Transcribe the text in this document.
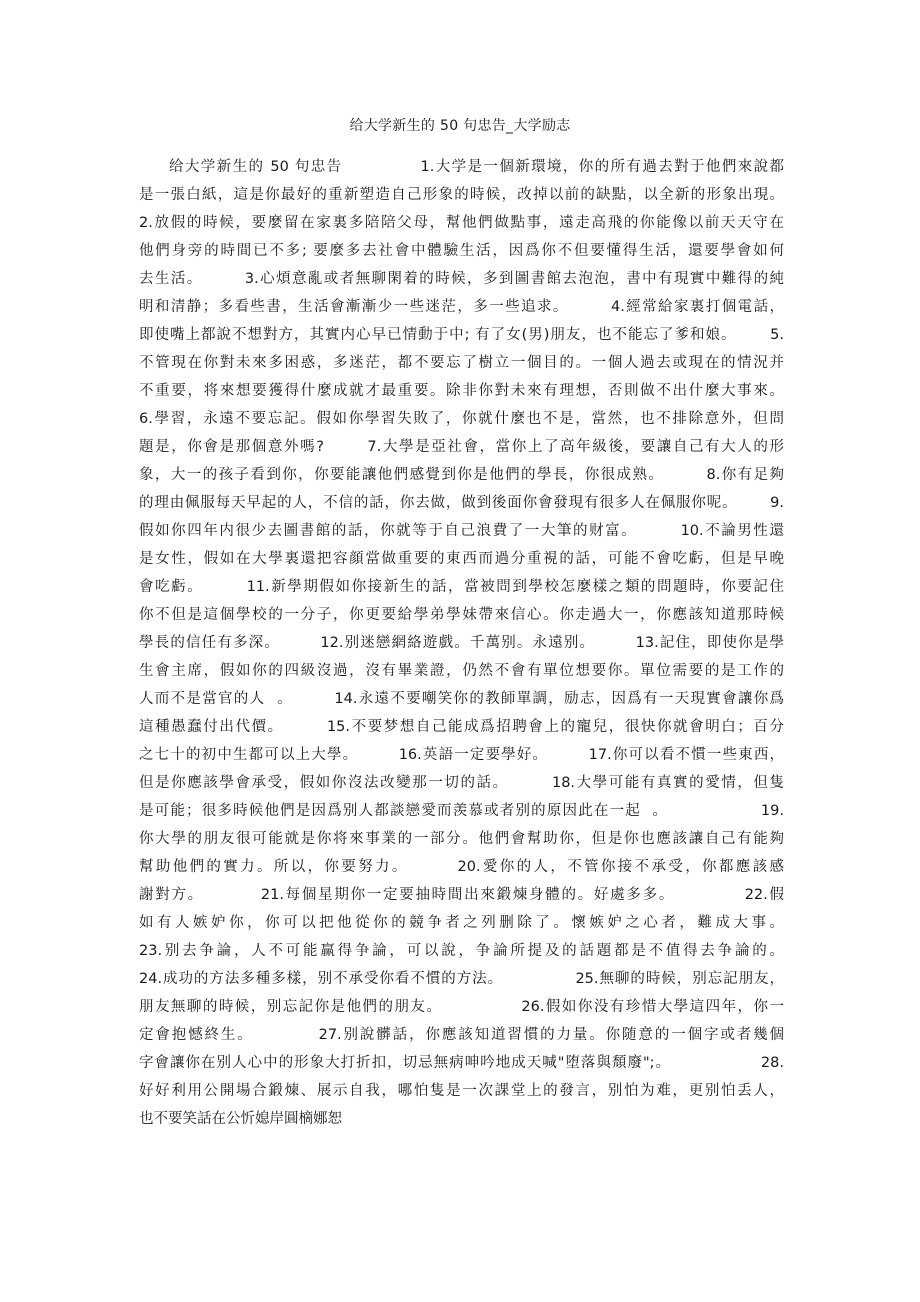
给大学新生的 50 句忠告_大学励志
给大学新生的 50 句忠告             1.大学是一個新環境，你的所有過去對于他們來說都
是一張白紙，這是你最好的重新塑造自己形象的時候，改掉以前的缺點，以全新的形象出現。
2.放假的時候，要麼留在家裏多陪陪父母，幫他們做點事，遠走高飛的你能像以前天天守在
他們身旁的時間已不多; 要麼多去社會中體驗生活，因爲你不但要懂得生活，還要學會如何
去生活。       3.心煩意亂或者無聊閑着的時候，多到圖書館去泡泡，書中有現實中難得的純
明和清静；多看些書，生活會漸漸少一些迷茫，多一些追求。       4.經常給家裏打個電話，
即使嘴上都說不想對方，其實内心早已情動于中; 有了女(男)朋友，也不能忘了爹和娘。      5.
不管現在你對未來多困惑，多迷茫，都不要忘了樹立一個目的。一個人過去或現在的情況并
不重要，将來想要獲得什麼成就才最重要。除非你對未來有理想，否則做不出什麼大事來。
6.學習，永遠不要忘記。假如你學習失敗了，你就什麼也不是，當然，也不排除意外，但問
題是，你會是那個意外嗎?       7.大學是亞社會，當你上了高年級後，要讓自己有大人的形
象，大一的孩子看到你，你要能讓他們感覺到你是他們的學長，你很成熟。       8.你有足夠
的理由佩服每天早起的人，不信的話，你去做，做到後面你會發現有很多人在佩服你呢。      9.
假如你四年内很少去圖書館的話，你就等于自己浪費了一大筆的财富。       10.不論男性還
是女性，假如在大學裏還把容顔當做重要的東西而過分重視的話，可能不會吃虧，但是早晚
會吃虧。       11.新學期假如你接新生的話，當被問到學校怎麼樣之類的問題時，你要記住
你不但是這個學校的一分子，你更要給學弟學妹帶來信心。你走過大一，你應該知道那時候
學長的信任有多深。       12.别迷戀網絡遊戲。千萬别。永遠别。       13.記住，即使你是學
生會主席，假如你的四級沒過，沒有畢業證，仍然不會有單位想要你。單位需要的是工作的
人而不是當官的人  。       14.永遠不要嘲笑你的教師單調，励志，因爲有一天現實會讓你爲
這種愚蠢付出代價。       15.不要梦想自己能成爲招聘會上的寵兒，很快你就會明白；百分
之七十的初中生都可以上大學。       16.英語一定要學好。       17.你可以看不慣一些東西，
但是你應該學會承受，假如你沒法改變那一切的話。       18.大學可能有真實的愛情，但隻
是可能；很多時候他們是因爲别人都談戀愛而羡慕或者别的原因此在一起  。                19.
你大學的朋友很可能就是你将來事業的一部分。他們會幫助你，但是你也應該讓自己有能夠
幫助他們的實力。所以，你要努力。       20.愛你的人，不管你接不承受，你都應該感
謝對方。         21.每個星期你一定要抽時間出來鍛煉身體的。好處多多。           22.假
如有人嫉妒你，你可以把他從你的競争者之列删除了。懷嫉妒之心者，難成大事。
23.别去争論，人不可能赢得争論，可以說，争論所提及的話題都是不值得去争論的。
24.成功的方法多種多樣，别不承受你看不慣的方法。             25.無聊的時候，别忘記朋友，
朋友無聊的時候，别忘記你是他們的朋友。             26.假如你没有珍惜大學這四年，你一
定會抱憾終生。          27.别說髒話，你應該知道習慣的力量。你随意的一個字或者幾個
字會讓你在别人心中的形象大打折扣，切忌無病呻吟地成天喊"堕落與頹廢";。                28.
好好利用公開場合鍛煉、展示自我，哪怕隻是一次課堂上的發言，别怕为难，更别怕丢人，
也不要笑話在公忻媳岸圓樀娜恕
